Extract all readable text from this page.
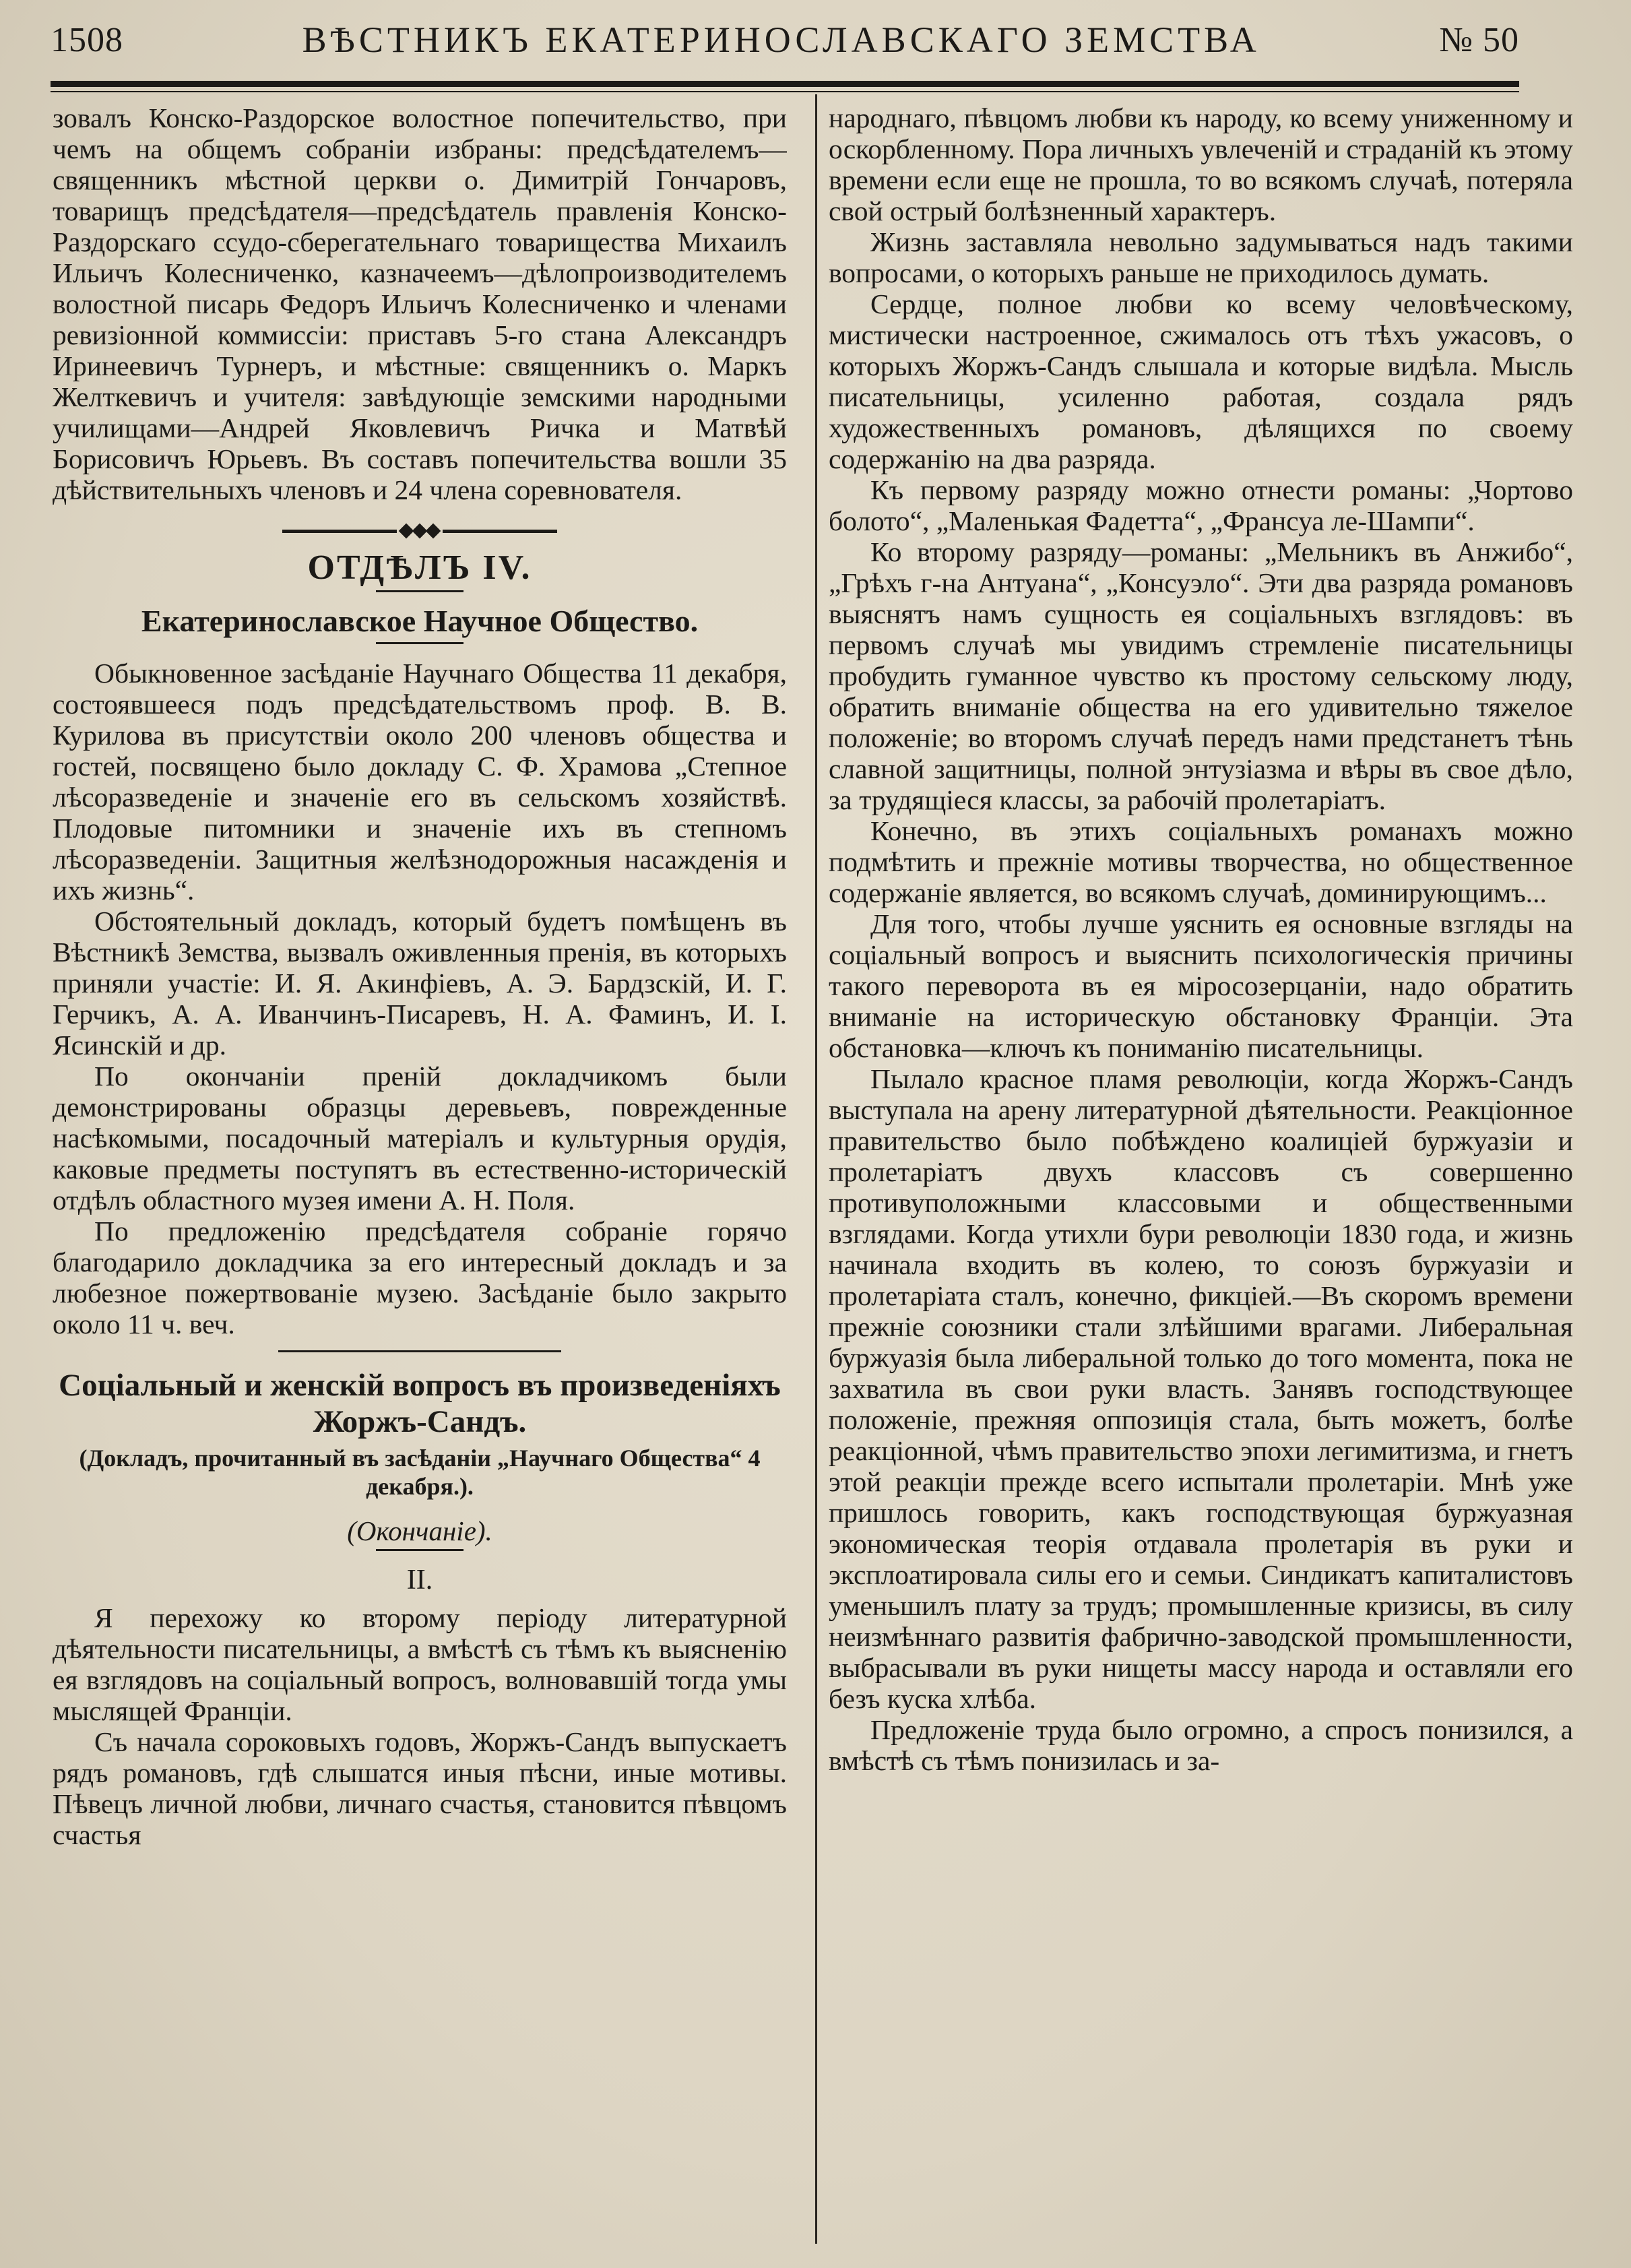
1508	ВѢСТНИКЪ ЕКАТЕРИНОСЛАВСКАГО ЗЕМСТВА	№ 50

зовалъ Конско-Раздорское волостное попечительство, при чемъ на общемъ собраніи избраны: предсѣдателемъ—священникъ мѣстной церкви о. Димитрій Гончаровъ, товарищъ предсѣдателя—предсѣдатель правленія Конско-Раздорскаго ссудо-сберегательнаго товарищества Михаилъ Ильичъ Колесниченко, казначеемъ—дѣлопроизводителемъ волостной писарь Федоръ Ильичъ Колесниченко и членами ревизіонной коммиссіи: приставъ 5-го стана Александръ Иринеевичъ Турнеръ, и мѣстные: священникъ о. Маркъ Желткевичъ и учителя: завѣдующіе земскими народными училищами—Андрей Яковлевичъ Ричка и Матвѣй Борисовичъ Юрьевъ. Въ составъ попечительства вошли 35 дѣйствительныхъ членовъ и 24 члена соревнователя.

ОТДѢЛЪ IV.
Екатеринославское Научное Общество.

Обыкновенное засѣданіе Научнаго Общества 11 декабря, состоявшееся подъ предсѣдательствомъ проф. В. В. Курилова въ присутствіи около 200 членовъ общества и гостей, посвящено было докладу С. Ф. Храмова „Степное лѣсоразведеніе и значеніе его въ сельскомъ хозяйствѣ. Плодовые питомники и значеніе ихъ въ степномъ лѣсоразведеніи. Защитныя желѣзнодорожныя насажденія и ихъ жизнь“.

Обстоятельный докладъ, который будетъ помѣщенъ въ Вѣстникѣ Земства, вызвалъ оживленныя пренія, въ которыхъ приняли участіе: И. Я. Акинфіевъ, А. Э. Бардзскій, И. Г. Герчикъ, А. А. Иванчинъ-Писаревъ, Н. А. Фаминъ, И. I. Ясинскій и др.

По окончаніи преній докладчикомъ были демонстрированы образцы деревьевъ, поврежденные насѣкомыми, посадочный матеріалъ и культурныя орудія, каковые предметы поступятъ въ естественно-историческій отдѣлъ областного музея имени А. Н. Поля.

По предложенію предсѣдателя собраніе горячо благодарило докладчика за его интересный докладъ и за любезное пожертвованіе музею. Засѣданіе было закрыто около 11 ч. веч.

Соціальный и женскій вопросъ въ произведеніяхъ
Жоржъ-Сандъ.
(Докладъ, прочитанный въ засѣданіи „Научнаго Общества“ 4 декабря.).
(Окончаніе).
II.

Я перехожу ко второму періоду литературной дѣятельности писательницы, а вмѣстѣ съ тѣмъ къ выясненію ея взглядовъ на соціальный вопросъ, волновавшій тогда умы мыслящей Франціи.

Съ начала сороковыхъ годовъ, Жоржъ-Сандъ выпускаетъ рядъ романовъ, гдѣ слышатся иныя пѣсни, иные мотивы. Пѣвецъ личной любви, личнаго счастья, становится пѣвцомъ счастья

народнаго, пѣвцомъ любви къ народу, ко всему униженному и оскорбленному. Пора личныхъ увлеченій и страданій къ этому времени если еще не прошла, то во всякомъ случаѣ, потеряла свой острый болѣзненный характеръ.

Жизнь заставляла невольно задумываться надъ такими вопросами, о которыхъ раньше не приходилось думать.

Сердце, полное любви ко всему человѣческому, мистически настроенное, сжималось отъ тѣхъ ужасовъ, о которыхъ Жоржъ-Сандъ слышала и которые видѣла. Мысль писательницы, усиленно работая, создала рядъ художественныхъ романовъ, дѣлящихся по своему содержанію на два разряда.

Къ первому разряду можно отнести романы: „Чортово болото“, „Маленькая Фадетта“, „Франсуа ле-Шампи“.

Ко второму разряду—романы: „Мельникъ въ Анжибо“, „Грѣхъ г-на Антуана“, „Консуэло“. Эти два разряда романовъ выяснятъ намъ сущность ея соціальныхъ взглядовъ: въ первомъ случаѣ мы увидимъ стремленіе писательницы пробудить гуманное чувство къ простому сельскому люду, обратить вниманіе общества на его удивительно тяжелое положеніе; во второмъ случаѣ передъ нами предстанетъ тѣнь славной защитницы, полной энтузіазма и вѣры въ свое дѣло, за трудящіеся классы, за рабочій пролетаріатъ.

Конечно, въ этихъ соціальныхъ романахъ можно подмѣтить и прежніе мотивы творчества, но общественное содержаніе является, во всякомъ случаѣ, доминирующимъ...

Для того, чтобы лучше уяснить ея основные взгляды на соціальный вопросъ и выяснить психологическія причины такого переворота въ ея міросозерцаніи, надо обратить вниманіе на историческую обстановку Франціи. Эта обстановка—ключъ къ пониманію писательницы.

Пылало красное пламя революціи, когда Жоржъ-Сандъ выступала на арену литературной дѣятельности. Реакціонное правительство было побѣждено коалиціей буржуазіи и пролетаріатъ двухъ классовъ съ совершенно противуположными классовыми и общественными взглядами. Когда утихли бури революціи 1830 года, и жизнь начинала входить въ колею, то союзъ буржуазіи и пролетаріата сталъ, конечно, фикціей.—Въ скоромъ времени прежніе союзники стали злѣйшими врагами. Либеральная буржуазія была либеральной только до того момента, пока не захватила въ свои руки власть. Занявъ господствующее положеніе, прежняя оппозиція стала, быть можетъ, болѣе реакціонной, чѣмъ правительство эпохи легимитизма, и гнетъ этой реакціи прежде всего испытали пролетаріи. Мнѣ уже пришлось говорить, какъ господствующая буржуазная экономическая теорія отдавала пролетарія въ руки и эксплоатировала силы его и семьи. Синдикатъ капиталистовъ уменьшилъ плату за трудъ; промышленные кризисы, въ силу неизмѣннаго развитія фабрично-заводской промышленности, выбрасывали въ руки нищеты массу народа и оставляли его безъ куска хлѣба.

Предложеніе труда было огромно, а спросъ понизился, а вмѣстѣ съ тѣмъ понизилась и за-
